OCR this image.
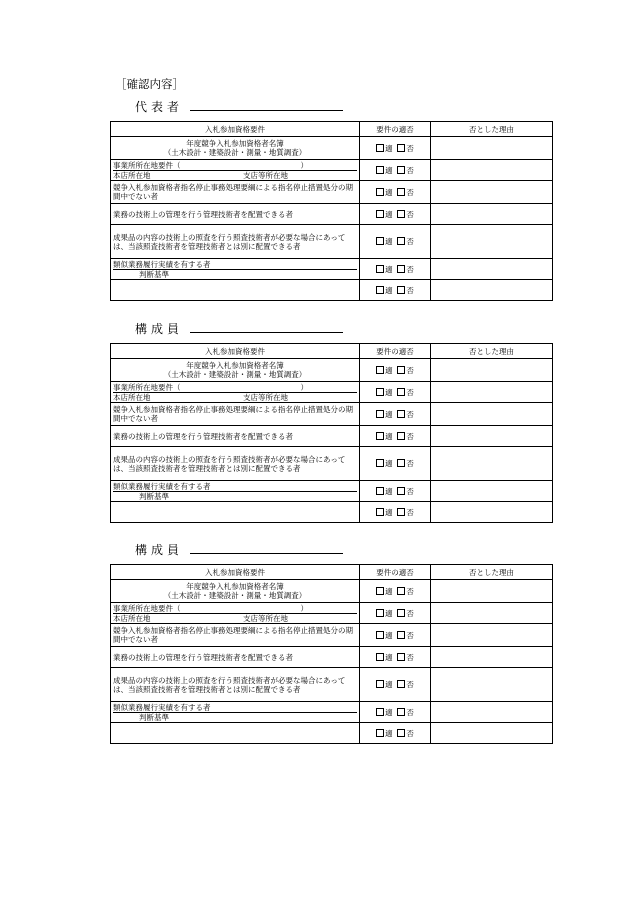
［確認内容］
代表者
入札参加資格要件	要件の適否	否とした理由

年度競争入札参加資格者名簿
（土木設計・建築設計・測量・地質調査）	適 否	

事業所所在地要件（ ）
本店所在地 支店等所在地	適 否	
競争入札参加資格者指名停止事務処理要綱による指名停止措置処分の期間中でない者	適 否	
業務の技術上の管理を行う管理技術者を配置できる者	適 否	
成果品の内容の技術上の照査を行う照査技術者が必要な場合にあっては、当該照査技術者を管理技術者とは別に配置できる者	適 否	

類似業務履行実績を有する者
判断基準	適 否	
	適 否	
構成員
入札参加資格要件	要件の適否	否とした理由

年度競争入札参加資格者名簿
（土木設計・建築設計・測量・地質調査）	適 否	

事業所所在地要件（ ）
本店所在地 支店等所在地	適 否	
競争入札参加資格者指名停止事務処理要綱による指名停止措置処分の期間中でない者	適 否	
業務の技術上の管理を行う管理技術者を配置できる者	適 否	
成果品の内容の技術上の照査を行う照査技術者が必要な場合にあっては、当該照査技術者を管理技術者とは別に配置できる者	適 否	

類似業務履行実績を有する者
判断基準	適 否	
	適 否	
構成員
入札参加資格要件	要件の適否	否とした理由

年度競争入札参加資格者名簿
（土木設計・建築設計・測量・地質調査）	適 否	

事業所所在地要件（ ）
本店所在地 支店等所在地	適 否	
競争入札参加資格者指名停止事務処理要綱による指名停止措置処分の期間中でない者	適 否	
業務の技術上の管理を行う管理技術者を配置できる者	適 否	
成果品の内容の技術上の照査を行う照査技術者が必要な場合にあっては、当該照査技術者を管理技術者とは別に配置できる者	適 否	

類似業務履行実績を有する者
判断基準	適 否	
	適 否	
